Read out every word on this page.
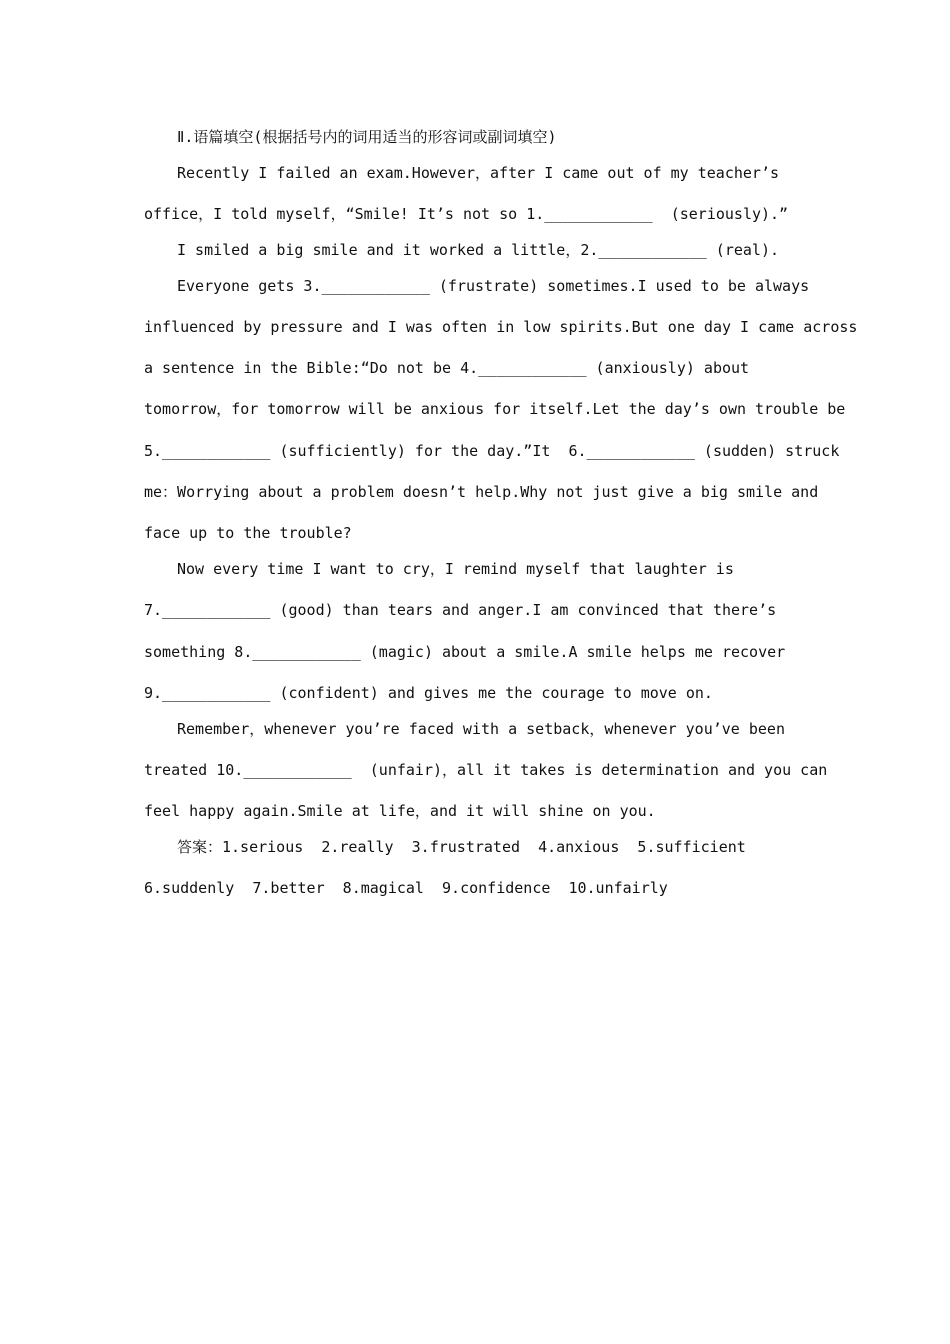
Ⅱ.语篇填空(根据括号内的词用适当的形容词或副词填空)
Recently I failed an exam.However，after I came out of my teacher’s
office，I told myself，“Smile! It’s not so 1.____________  (seriously).”
I smiled a big smile and it worked a little，2.____________ (real).
Everyone gets 3.____________ (frustrate) sometimes.I used to be always
influenced by pressure and I was often in low spirits.But one day I came across
a sentence in the Bible:“Do not be 4.____________ (anxiously) about
tomorrow，for tomorrow will be anxious for itself.Let the day’s own trouble be
5.____________ (sufficiently) for the day.”It  6.____________ (sudden) struck
me：Worrying about a problem doesn’t help.Why not just give a big smile and
face up to the trouble?
Now every time I want to cry，I remind myself that laughter is
7.____________ (good) than tears and anger.I am convinced that there’s
something 8.____________ (magic) about a smile.A smile helps me recover
9.____________ (confident) and gives me the courage to move on.
Remember，whenever you’re faced with a setback，whenever you’ve been
treated 10.____________  (unfair)，all it takes is determination and you can
feel happy again.Smile at life，and it will shine on you.
答案：1.serious  2.really  3.frustrated  4.anxious  5.sufficient
6.suddenly  7.better  8.magical  9.confidence  10.unfairly
